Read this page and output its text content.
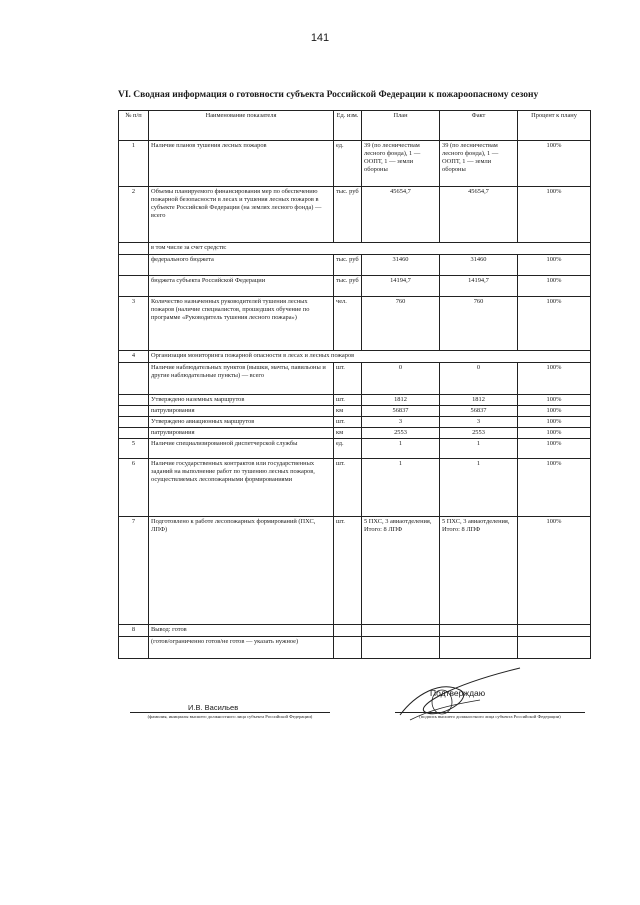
141
VI. Сводная информация о готовности субъекта Российской Федерации к пожароопасному сезону
№ п/п	Наименование показателя	Ед. изм.	План	Факт	Процент к плану
1	Наличие планов тушения лесных пожаров	ед.	39 (по лесничествам лесного фонда), 1 — ООПТ, 1 — земли обороны	39 (по лесничествам лесного фонда), 1 — ООПТ, 1 — земли обороны	100%
2	Объемы планируемого финансирования мер по обеспечению пожарной безопасности в лесах и тушения лесных пожаров в субъекте Российской Федерации (на землях лесного фонда) — всего	тыс. руб	45654,7	45654,7	100%
	в том числе за счет средств:				
	федерального бюджета	тыс. руб	31460	31460	100%
	бюджета субъекта Российской Федерации	тыс. руб	14194,7	14194,7	100%
3	Количество назначенных руководителей тушения лесных пожаров (наличие специалистов, прошедших обучение по программе «Руководитель тушения лесного пожара»)	чел.	760	760	100%
4	Организация мониторинга пожарной опасности в лесах и лесных пожаров				
	Наличие наблюдательных пунктов (вышки, мачты, павильоны и другие наблюдательные пункты) — всего	шт.	0	0	100%
	Утверждено наземных маршрутов	шт.	1812	1812	100%
	патрулирования	км	56837	56837	100%
	Утверждено авиационных маршрутов	шт.	3	3	100%
	патрулирования	км	2553	2553	100%
5	Наличие специализированной диспетчерской службы	ед.	1	1	100%
6	Наличие государственных контрактов или государственных заданий на выполнение работ по тушению лесных пожаров, осуществляемых лесопожарными формированиями	шт.	1	1	100%
7	Подготовлено к работе лесопожарных формирований (ПХС, ЛПФ)	шт.	5 ПХС, 3 авиаотделения, Итого: 8 ЛПФ	5 ПХС, 3 авиаотделения, Итого: 8 ЛПФ	100%
8	Вывод: готов				
	(готов/ограниченно готов/не готов — указать нужное)				
Подтверждаю
И.В. Васильев
(фамилия, инициалы высшего должностного лица субъекта Российской Федерации)	(подпись высшего должностного лица субъекта Российской Федерации)
